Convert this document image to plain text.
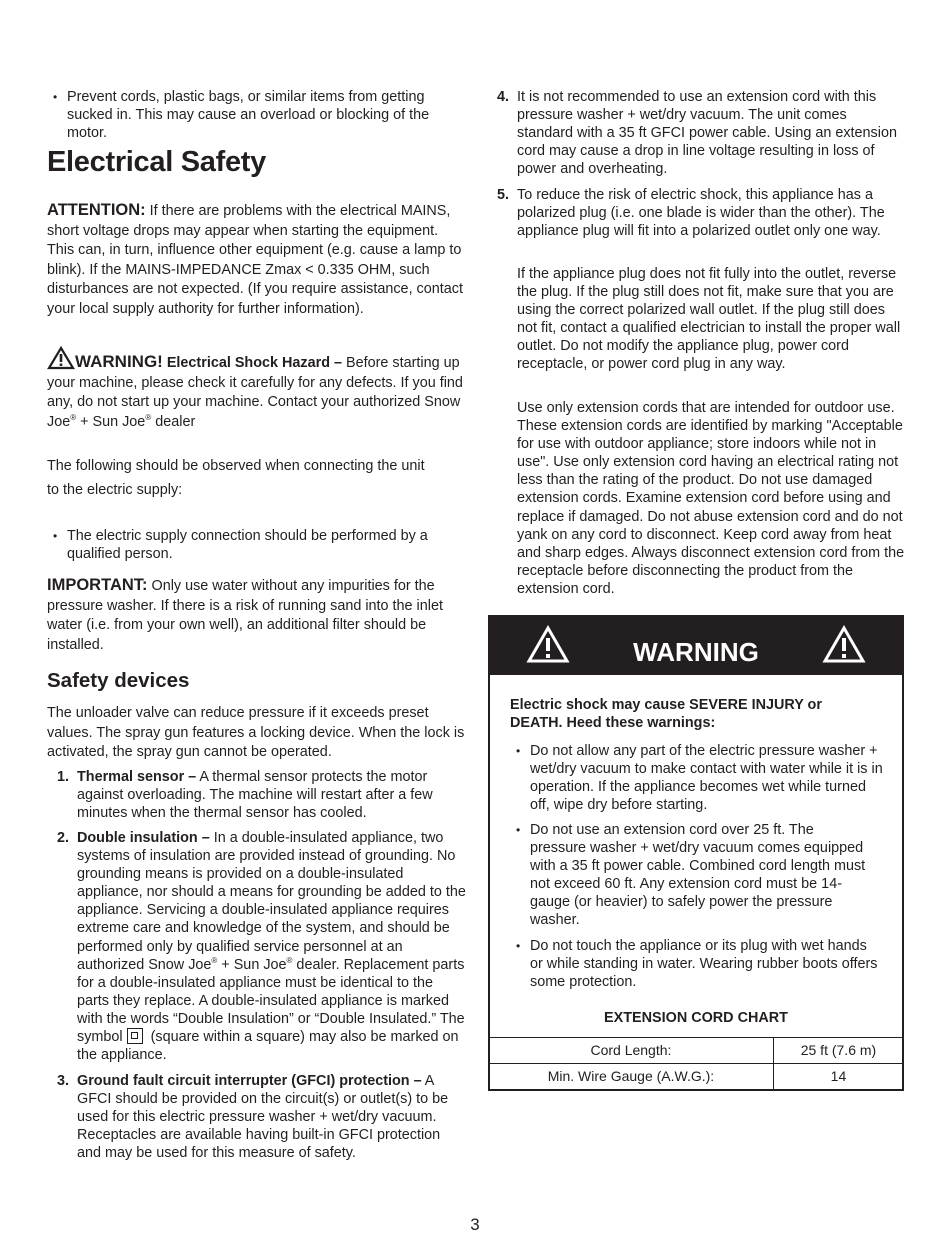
• Prevent cords, plastic bags, or similar items from getting sucked in. This may cause an overload or blocking of the motor.
Electrical Safety

ATTENTION: If there are problems with the electrical MAINS, short voltage drops may appear when starting the equipment. This can, in turn, influence other equipment (e.g. cause a lamp to blink). If the MAINS-IMPEDANCE Zmax < 0.335 OHM, such disturbances are not expected. (If you require assistance, contact your local supply authority for further information).

WARNING! Electrical Shock Hazard – Before starting up your machine, please check it carefully for any defects. If you find any, do not start up your machine. Contact your authorized Snow Joe® + Sun Joe® dealer

The following should be observed when connecting the unit to the electric supply:

• The electric supply connection should be performed by a qualified person.

IMPORTANT: Only use water without any impurities for the pressure washer. If there is a risk of running sand into the inlet water (i.e. from your own well), an additional filter should be installed.

Safety devices

The unloader valve can reduce pressure if it exceeds preset values. The spray gun features a locking device. When the lock is activated, the spray gun cannot be operated.

1. Thermal sensor – A thermal sensor protects the motor against overloading. The machine will restart after a few minutes when the thermal sensor has cooled.
2. Double insulation – In a double-insulated appliance, two systems of insulation are provided instead of grounding. No grounding means is provided on a double-insulated appliance, nor should a means for grounding be added to the appliance. Servicing a double-insulated appliance requires extreme care and knowledge of the system, and should be performed only by qualified service personnel at an authorized Snow Joe® + Sun Joe® dealer. Replacement parts for a double-insulated appliance must be identical to the parts they replace. A double-insulated appliance is marked with the words “Double Insulation” or “Double Insulated.” The symbol (square within a square) may also be marked on the appliance.
3. Ground fault circuit interrupter (GFCI) protection – A GFCI should be provided on the circuit(s) or outlet(s) to be used for this electric pressure washer + wet/dry vacuum. Receptacles are available having built-in GFCI protection and may be used for this measure of safety.
4. It is not recommended to use an extension cord with this pressure washer + wet/dry vacuum. The unit comes standard with a 35 ft GFCI power cable. Using an extension cord may cause a drop in line voltage resulting in loss of power and overheating.
5. To reduce the risk of electric shock, this appliance has a polarized plug (i.e. one blade is wider than the other). The appliance plug will fit into a polarized outlet only one way.

If the appliance plug does not fit fully into the outlet, reverse the plug. If the plug still does not fit, make sure that you are using the correct polarized wall outlet. If the plug still does not fit, contact a qualified electrician to install the proper wall outlet. Do not modify the appliance plug, power cord receptacle, or power cord plug in any way.

Use only extension cords that are intended for outdoor use. These extension cords are identified by marking "Acceptable for use with outdoor appliance; store indoors while not in use". Use only extension cord having an electrical rating not less than the rating of the product. Do not use damaged extension cords. Examine extension cord before using and replace if damaged. Do not abuse extension cord and do not yank on any cord to disconnect. Keep cord away from heat and sharp edges. Always disconnect extension cord from the receptacle before disconnecting the product from the extension cord.

WARNING

Electric shock may cause SEVERE INJURY or DEATH. Heed these warnings:

• Do not allow any part of the electric pressure washer + wet/dry vacuum to make contact with water while it is in operation. If the appliance becomes wet while turned off, wipe dry before starting.
• Do not use an extension cord over 25 ft. The pressure washer + wet/dry vacuum comes equipped with a 35 ft power cable. Combined cord length must not exceed 60 ft. Any extension cord must be 14-gauge (or heavier) to safely power the pressure washer.
• Do not touch the appliance or its plug with wet hands or while standing in water. Wearing rubber boots offers some protection.
EXTENSION CORD CHART
Cord Length:	25 ft (7.6 m)
Min. Wire Gauge (A.W.G.):	14
3
